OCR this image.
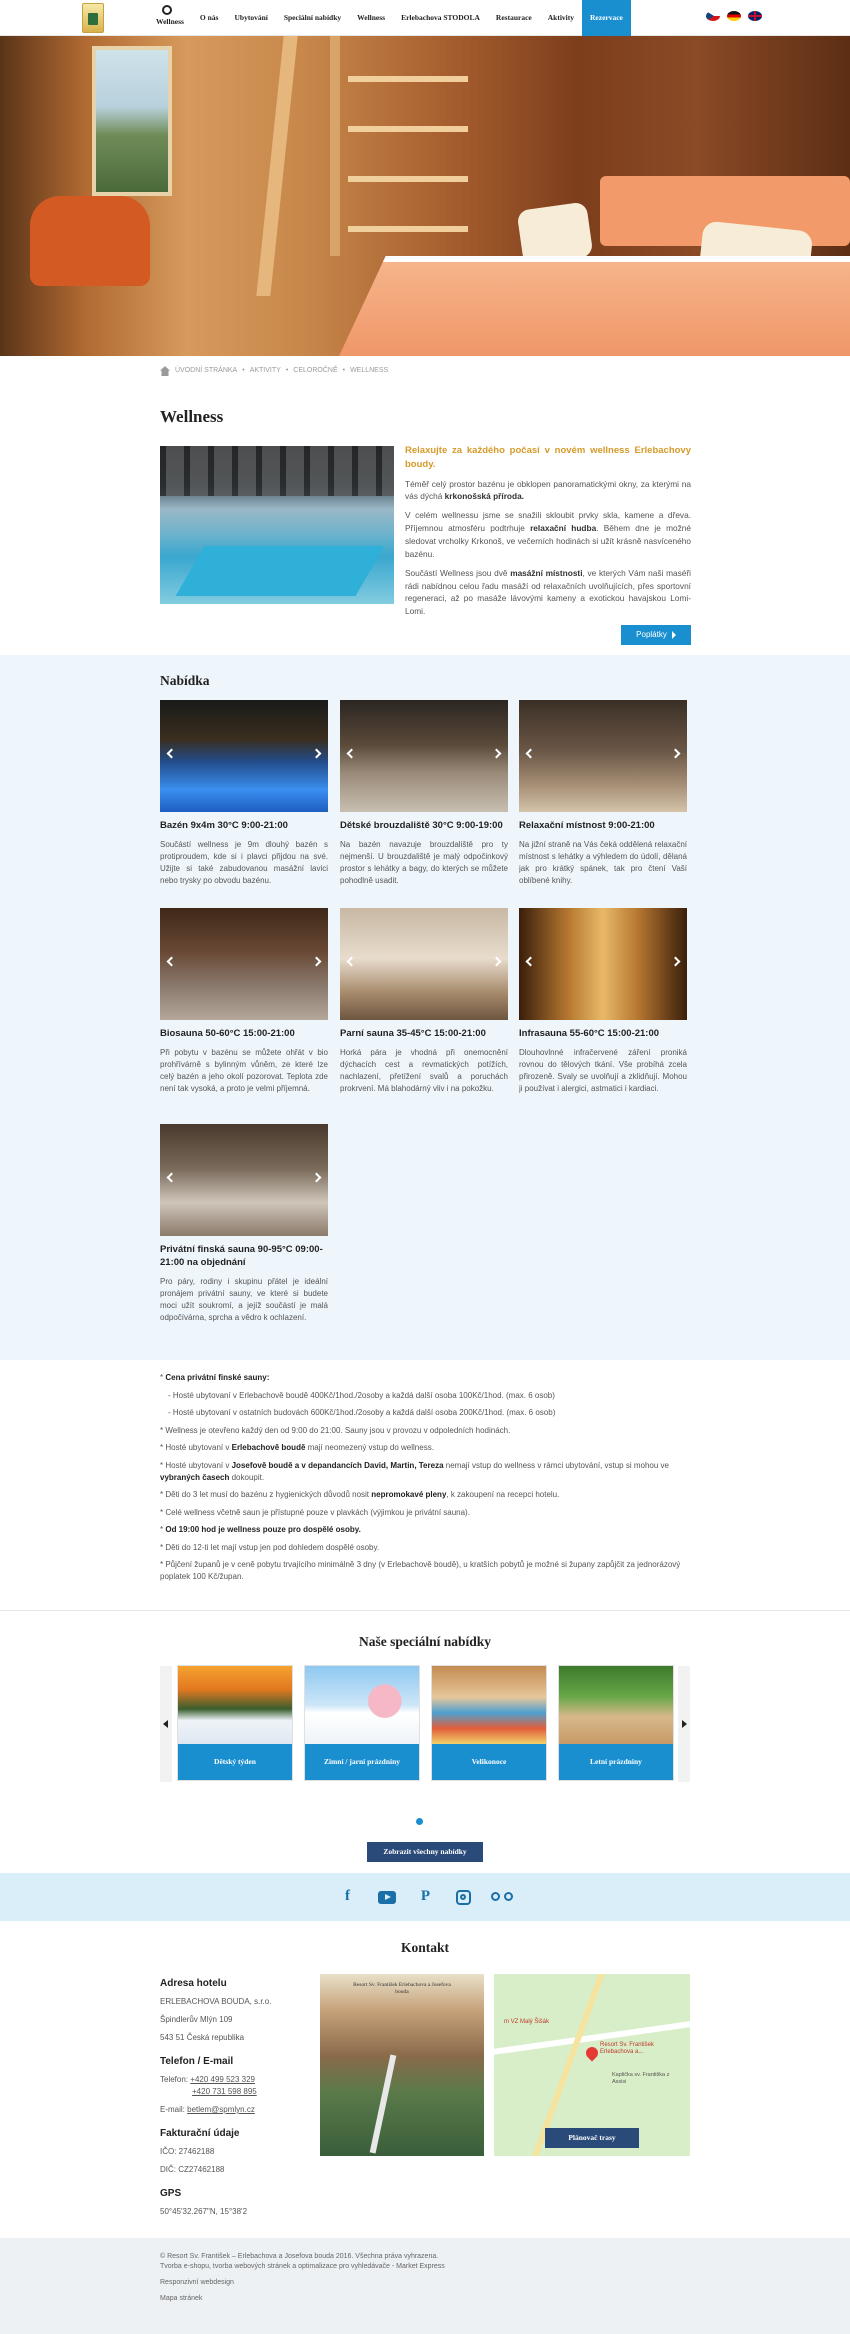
Wellness	O nás	Ubytování	Speciální nabídky	Wellness	Erlebachova STODOLA	Restaurace	Aktivity	Rezervace
ÚVODNÍ STRÁNKA • AKTIVITY • CELOROČNĚ • WELLNESS
Wellness
Relaxujte za každého počasí v novém wellness Erlebachovy boudy.

Téměř celý prostor bazénu je obklopen panoramatickými okny, za kterými na vás dýchá krkonošská příroda.

V celém wellnessu jsme se snažili skloubit prvky skla, kamene a dřeva. Příjemnou atmosféru podtrhuje relaxační hudba. Během dne je možné sledovat vrcholky Krkonoš, ve večerních hodinách si užít krásně nasvíceného bazénu.

Součástí Wellness jsou dvě masážní místnosti, ve kterých Vám naši maséři rádi nabídnou celou řadu masáží od relaxačních uvolňujících, přes sportovní regeneraci, až po masáže lávovými kameny a exotickou havajskou Lomi-Lomi.

Poplátky
Nabídka
Bazén 9x4m 30°C 9:00-21:00
Součástí wellness je 9m dlouhý bazén s protiproudem, kde si i plavci přijdou na své. Užijte si také zabudovanou masážní lavici nebo trysky po obvodu bazénu.
Dětské brouzdaliště 30°C 9:00-19:00
Na bazén navazuje brouzdaliště pro ty nejmenší. U brouzdaliště je malý odpočinkový prostor s lehátky a bagy, do kterých se můžete pohodlně usadit.
Relaxační místnost 9:00-21:00
Na jižní straně na Vás čeká oddělená relaxační místnost s lehátky a výhledem do údolí, dělaná jak pro krátký spánek, tak pro čtení Vaší oblíbené knihy.
Biosauna 50-60°C 15:00-21:00
Při pobytu v bazénu se můžete ohřát v bio prohřívárně s bylinným vůněm, ze které lze celý bazén a jeho okolí pozorovat. Teplota zde není tak vysoká, a proto je velmi příjemná.
Parní sauna 35-45°C 15:00-21:00
Horká pára je vhodná při onemocnění dýchacích cest a revmatických potížích, nachlazení, přetížení svalů a poruchách prokrvení. Má blahodárný vliv i na pokožku.
Infrasauna 55-60°C 15:00-21:00
Dlouhovlnné infračervené záření proniká rovnou do tělových tkání. Vše probíhá zcela přirozeně. Svaly se uvolňují a zklidňují. Mohou ji používat i alergici, astmatici i kardiaci.
Privátní finská sauna 90-95°C 09:00-21:00 na objednání
Pro páry, rodiny i skupinu přátel je ideální pronájem privátní sauny, ve které si budete moci užít soukromí, a jejíž součástí je malá odpočívárna, sprcha a vědro k ochlazení.
* Cena privátní finské sauny:
- Hosté ubytovaní v Erlebachově boudě 400Kč/1hod./2osoby a každá další osoba 100Kč/1hod. (max. 6 osob)
- Hosté ubytovaní v ostatních budovách 600Kč/1hod./2osoby a každá další osoba 200Kč/1hod. (max. 6 osob)
* Wellness je otevřeno každý den od 9:00 do 21:00. Sauny jsou v provozu v odpoledních hodinách.
* Hosté ubytovaní v Erlebachově boudě mají neomezený vstup do wellness.
* Hosté ubytovaní v Josefově boudě a v depandancích David, Martin, Tereza nemají vstup do wellness v rámci ubytování, vstup si mohou ve vybraných časech dokoupit.
* Děti do 3 let musí do bazénu z hygienických důvodů nosit nepromokavé pleny, k zakoupení na recepci hotelu.
* Celé wellness včetně saun je přístupné pouze v plavkách (výjimkou je privátní sauna).
* Od 19:00 hod je wellness pouze pro dospělé osoby.
* Děti do 12-ti let mají vstup jen pod dohledem dospělé osoby.
* Půjčení županů je v ceně pobytu trvajícího minimálně 3 dny (v Erlebachově boudě), u kratších pobytů je možné si župany zapůjčit za jednorázový poplatek 100 Kč/župan.
Naše speciální nabídky
Dětský týden	Zimní / jarní prázdniny	Velikonoce	Letní prázdniny
Zobrazit všechny nabídky
f	P
Kontakt
Adresa hotelu
ERLEBACHOVA BOUDA, s.r.o.
Špindlerův Mlýn 109
543 51 Česká republika
Telefon / E-mail
Telefon: +420 499 523 329
+420 731 598 895
E-mail: betlem@spmlyn.cz
Fakturační údaje
IČO: 27462188
DIČ: CZ27462188
GPS
50°45'32.267"N, 15°38'2
Resort Sv. František Erlebachova a Josefova bouda
m VZ Malý Šišák
Resort Sv. František Erlebachova a...
Kaplička sv. Františka z Assisi
Plánovač trasy
© Resort Sv. František – Erlebachova a Josefova bouda 2016. Všechna práva vyhrazena.
Tvorba e-shopu, tvorba webových stránek a optimalizace pro vyhledávače - Market Express
Responzivní webdesign
Mapa stránek
